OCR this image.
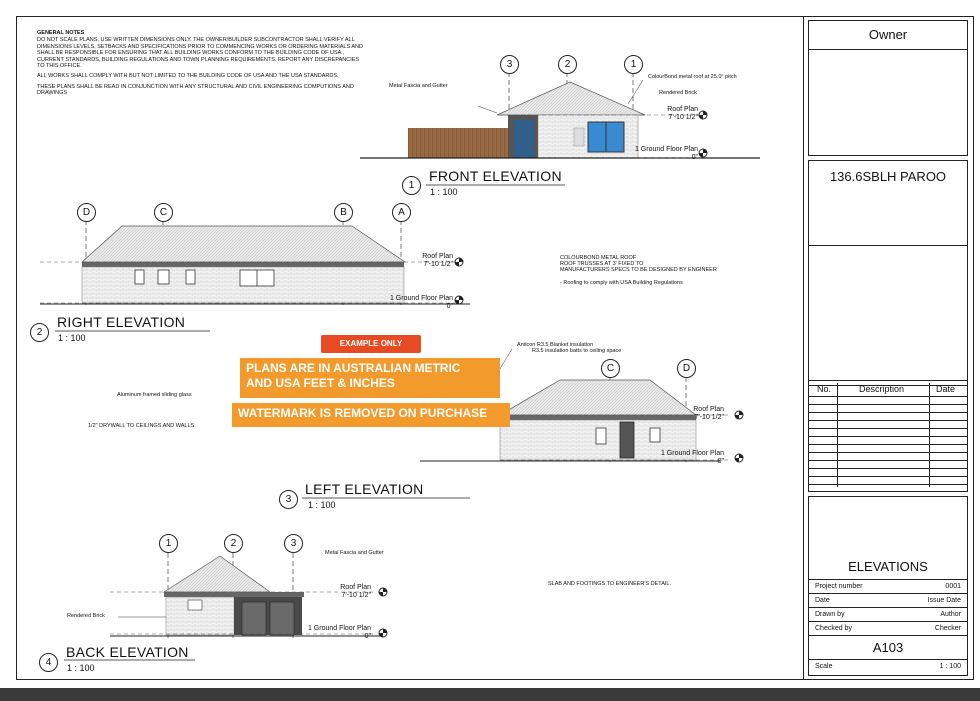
GENERAL NOTES

DO NOT SCALE PLANS, USE WRITTEN DIMENSIONS ONLY. THE OWNER/BUILDER SUBCONTRACTOR SHALL VERIFY ALL DIMENSIONS LEVELS, SETBACKS AND SPECIFICATIONS PRIOR TO COMMENCING WORKS OR ORDERING MATERIALS AND SHALL BE RESPONSIBLE FOR ENSURING THAT ALL BUILDING WORKS CONFORM TO THE BUILDING CODE OF USA , CURRENT STANDARDS, BUILDING REGULATIONS AND TOWN PLANNING REQUIREMENTS. REPORT ANY DISCREPANCIES TO THIS OFFICE.

ALL WORKS SHALL COMPLY WITH BUT NOT LIMITED TO THE BUILDING CODE OF USA AND THE USA STANDARDS.

THESE PLANS SHALL BE READ IN CONJUNCTION WITH ANY STRUCTURAL AND CIVIL ENGINEERING COMPUTIONS AND DRAWINGS

3	2	1
Metal Fascia and Gutter
ColourBond metal roof at 25.0° pitch
Rendered Brick
Roof Plan
7'-10 1/2"
1 Ground Floor Plan
0"
1
FRONT ELEVATION
1 : 100
D	C	B	A
Roof Plan
7'-10 1/2"
1 Ground Floor Plan
0"
2
RIGHT ELEVATION
1 : 100
COLOURBOND METAL ROOF
ROOF TRUSSES AT 3' FIXED TO
MANUFACTURERS SPECS TO BE DESIGNED BY ENGINEER
- Roofing to comply with USA Building Regulations
Anticon R3.5 Blanket insulation
R3.5 insulation batts to ceiling space
C	D
Aluminum framed sliding glass
1/2" DRYWALL TO CEILINGS AND WALLS
Roof Plan
7'-10 1/2"
1 Ground Floor Plan
0"
3
LEFT ELEVATION
1 : 100
1	2	3
Metal Fascia and Gutter
Rendered Brick
SLAB AND FOOTINGS TO ENGINEER'S DETAIL.
Roof Plan
7'-10 1/2"
1 Ground Floor Plan
0"
4
BACK ELEVATION
1 : 100
EXAMPLE ONLY
PLANS ARE IN AUSTRALIAN METRIC
AND USA FEET & INCHES
WATERMARK IS REMOVED ON PURCHASE
Owner
136.6SBLH PAROO
No.	Description	Date
ELEVATIONS
Project number	0001
Date	Issue Date
Drawn by	Author
Checked by	Checker
A103
Scale	1 : 100
